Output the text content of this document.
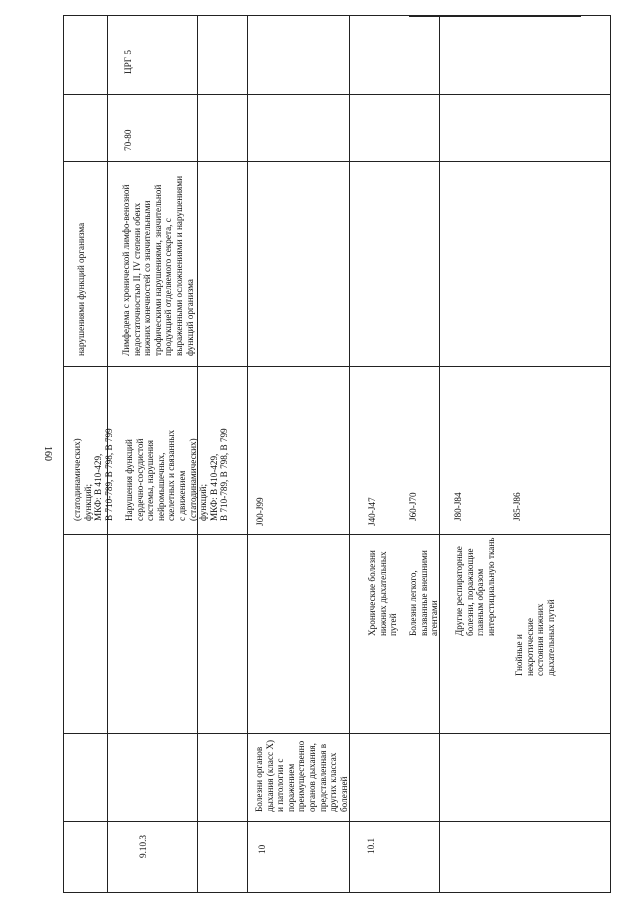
160
9.10.3
(статодинамических) функций; МКФ: В 410-429, В 710-789, В 798, В 799
нарушениями функций организма
Нарушения функций сердечно-сосудистой системы, нарушения нейромышечных, скелетных и связанных с движением (статодинамических) функций; МКФ: В 410-429, В 710-789, В 798, В 799
Лимфедема с хронической лимфо-венозной недостаточностью II, IV степени обеих нижних конечностей со значительными трофическими нарушениями, значительной продукцией отделяемого секрета, с выраженными осложнениями и нарушениями функций организма
70-80
ЦРГ 5
10
Болезни органов дыхания (класс X) и патологии с поражением преимущественно органов дыхания, представленная в других классах болезней
J00-J99
10.1
Хронические болезни нижних дыхательных путей
J40-J47
Болезни легкого, вызванные внешними агентами
J60-J70
Другие респираторные болезни, поражающие главным образом интерстициальную ткань
J80-J84
Гнойные и некротические состояния нижних дыхательных путей
J85-J86
